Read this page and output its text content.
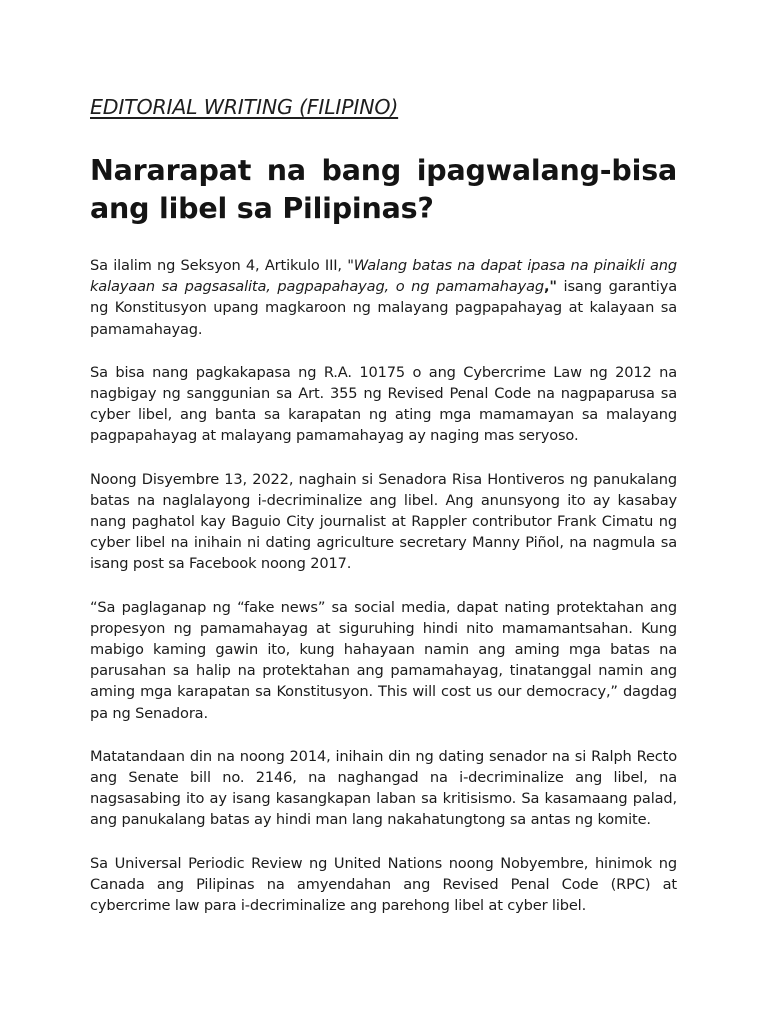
EDITORIAL WRITING (FILIPINO)
Nararapat na bang ipagwalang-bisa ang libel sa Pilipinas?

Sa ilalim ng Seksyon 4, Artikulo III, "Walang batas na dapat ipasa na pinaikli ang kalayaan sa pagsasalita, pagpapahayag, o ng pamamahayag," isang garantiya ng Konstitusyon upang magkaroon ng malayang pagpapahayag at kalayaan sa pamamahayag.

Sa bisa nang pagkakapasa ng R.A. 10175 o ang Cybercrime Law ng 2012 na nagbigay ng sanggunian sa Art. 355 ng Revised Penal Code na nagpaparusa sa cyber libel, ang banta sa karapatan ng ating mga mamamayan sa malayang pagpapahayag at malayang pamamahayag ay naging mas seryoso.

Noong Disyembre 13, 2022, naghain si Senadora Risa Hontiveros ng panukalang batas na naglalayong i-decriminalize ang libel. Ang anunsyong ito ay kasabay nang paghatol kay Baguio City journalist at Rappler contributor Frank Cimatu ng cyber libel na inihain ni dating agriculture secretary Manny Piñol, na nagmula sa isang post sa Facebook noong 2017.

“Sa paglaganap ng “fake news” sa social media, dapat nating protektahan ang propesyon ng pamamahayag at siguruhing hindi nito mamamantsahan. Kung mabigo kaming gawin ito, kung hahayaan namin ang aming mga batas na parusahan sa halip na protektahan ang pamamahayag, tinatanggal namin ang aming mga karapatan sa Konstitusyon. This will cost us our democracy,” dagdag pa ng Senadora.

Matatandaan din na noong 2014, inihain din ng dating senador na si Ralph Recto ang Senate bill no. 2146, na naghangad na i-decriminalize ang libel, na nagsasabing ito ay isang kasangkapan laban sa kritisismo. Sa kasamaang palad, ang panukalang batas ay hindi man lang nakahatungtong sa antas ng komite.

Sa Universal Periodic Review ng United Nations noong Nobyembre, hinimok ng Canada ang Pilipinas na amyendahan ang Revised Penal Code (RPC) at cybercrime law para i-decriminalize ang parehong libel at cyber libel.
